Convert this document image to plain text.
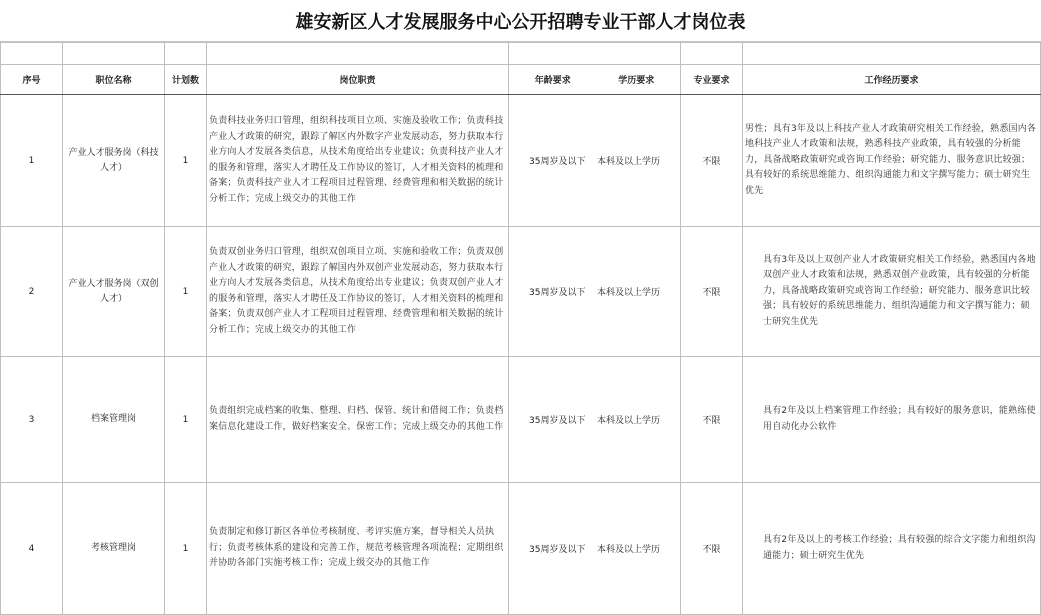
雄安新区人才发展服务中心公开招聘专业干部人才岗位表

序号	职位名称	计划数	岗位职责	年龄要求 学历要求	专业要求	工作经历要求
1	产业人才服务岗（科技人才）	1	负责科技业务归口管理，组织科技项目立项、实施及验收工作；负责科技产业人才政策的研究，跟踪了解区内外数字产业发展动态，努力获取本行业方向人才发展各类信息，从技术角度给出专业建议；负责科技产业人才的服务和管理，落实人才聘任及工作协议的签订，人才相关资料的梳理和备案；负责科技产业人才工程项目过程管理、经费管理和相关数据的统计分析工作；完成上级交办的其他工作	35周岁及以下 本科及以上学历	不限	男性；具有3年及以上科技产业人才政策研究相关工作经验，熟悉国内各地科技产业人才政策和法规，熟悉科技产业政策，具有较强的分析能力，具备战略政策研究或咨询工作经验；研究能力、服务意识比较强；具有较好的系统思维能力、组织沟通能力和文字撰写能力；硕士研究生优先
2	产业人才服务岗（双创人才）	1	负责双创业务归口管理，组织双创项目立项、实施和验收工作；负责双创产业人才政策的研究，跟踪了解国内外双创产业发展动态，努力获取本行业方向人才发展各类信息，从技术角度给出专业建议；负责双创产业人才的服务和管理，落实人才聘任及工作协议的签订，人才相关资料的梳理和备案；负责双创产业人才工程项目过程管理、经费管理和相关数据的统计分析工作；完成上级交办的其他工作	35周岁及以下 本科及以上学历	不限	具有3年及以上双创产业人才政策研究相关工作经验，熟悉国内各地双创产业人才政策和法规，熟悉双创产业政策，具有较强的分析能力，具备战略政策研究或咨询工作经验；研究能力、服务意识比较强；具有较好的系统思维能力、组织沟通能力和文字撰写能力；硕士研究生优先
3	档案管理岗	1	负责组织完成档案的收集、整理、归档、保管、统计和借阅工作；负责档案信息化建设工作，做好档案安全、保密工作；完成上级交办的其他工作	35周岁及以下 本科及以上学历	不限	具有2年及以上档案管理工作经验；具有较好的服务意识，能熟练使用自动化办公软件
4	考核管理岗	1	负责制定和修订新区各单位考核制度、考评实施方案，督导相关人员执行；负责考核体系的建设和完善工作，规范考核管理各项流程；定期组织并协助各部门实施考核工作；完成上级交办的其他工作	35周岁及以下 本科及以上学历	不限	具有2年及以上的考核工作经验；具有较强的综合文字能力和组织沟通能力；硕士研究生优先
